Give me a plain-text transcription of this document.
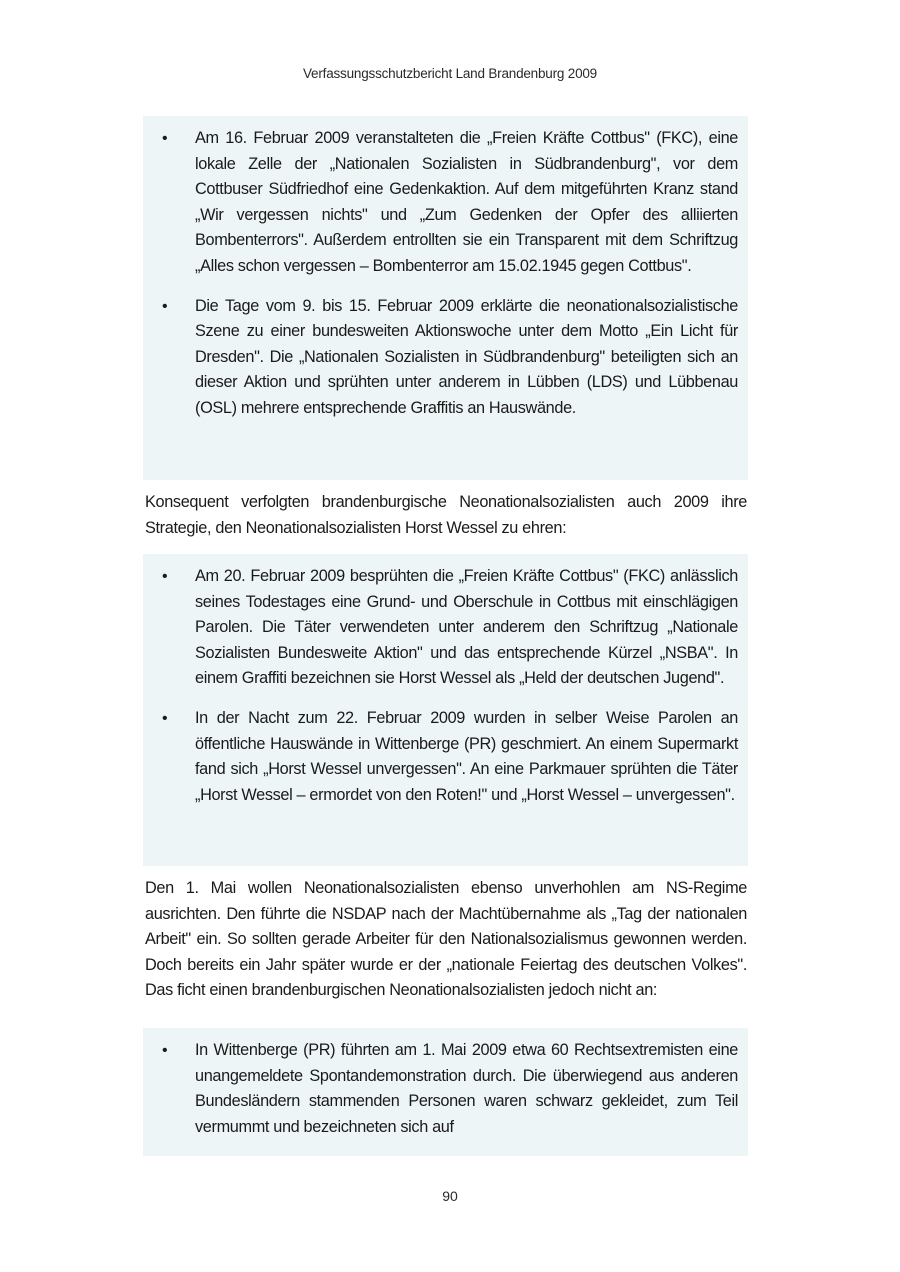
Verfassungsschutzbericht Land Brandenburg 2009
• Am 16. Februar 2009 veranstalteten die „Freien Kräfte Cottbus" (FKC), eine lokale Zelle der „Nationalen Sozialisten in Südbrandenburg", vor dem Cottbuser Südfriedhof eine Gedenkaktion. Auf dem mitgeführten Kranz stand „Wir vergessen nichts" und „Zum Gedenken der Opfer des alliierten Bombenterrors". Außerdem entrollten sie ein Transparent mit dem Schriftzug „Alles schon vergessen – Bombenterror am 15.02.1945 gegen Cottbus".
• Die Tage vom 9. bis 15. Februar 2009 erklärte die neonationalsozialistische Szene zu einer bundesweiten Aktionswoche unter dem Motto „Ein Licht für Dresden". Die „Nationalen Sozialisten in Südbrandenburg" beteiligten sich an dieser Aktion und sprühten unter anderem in Lübben (LDS) und Lübbenau (OSL) mehrere entsprechende Graffitis an Hauswände.
Konsequent verfolgten brandenburgische Neonationalsozialisten auch 2009 ihre Strategie, den Neonationalsozialisten Horst Wessel zu ehren:
• Am 20. Februar 2009 besprühten die „Freien Kräfte Cottbus" (FKC) anlässlich seines Todestages eine Grund- und Oberschule in Cottbus mit einschlägigen Parolen. Die Täter verwendeten unter anderem den Schriftzug „Nationale Sozialisten Bundesweite Aktion" und das entsprechende Kürzel „NSBA". In einem Graffiti bezeichnen sie Horst Wessel als „Held der deutschen Jugend".
• In der Nacht zum 22. Februar 2009 wurden in selber Weise Parolen an öffentliche Hauswände in Wittenberge (PR) geschmiert. An einem Supermarkt fand sich „Horst Wessel unvergessen". An eine Parkmauer sprühten die Täter „Horst Wessel – ermordet von den Roten!" und „Horst Wessel – unvergessen".
Den 1. Mai wollen Neonationalsozialisten ebenso unverhohlen am NS-Regime ausrichten. Den führte die NSDAP nach der Machtübernahme als „Tag der nationalen Arbeit" ein. So sollten gerade Arbeiter für den Nationalsozialismus gewonnen werden. Doch bereits ein Jahr später wurde er der „nationale Feiertag des deutschen Volkes". Das ficht einen brandenburgischen Neonationalsozialisten jedoch nicht an:
• In Wittenberge (PR) führten am 1. Mai 2009 etwa 60 Rechtsextremisten eine unangemeldete Spontandemonstration durch. Die überwiegend aus anderen Bundesländern stammenden Personen waren schwarz gekleidet, zum Teil vermummt und bezeichneten sich auf
90
